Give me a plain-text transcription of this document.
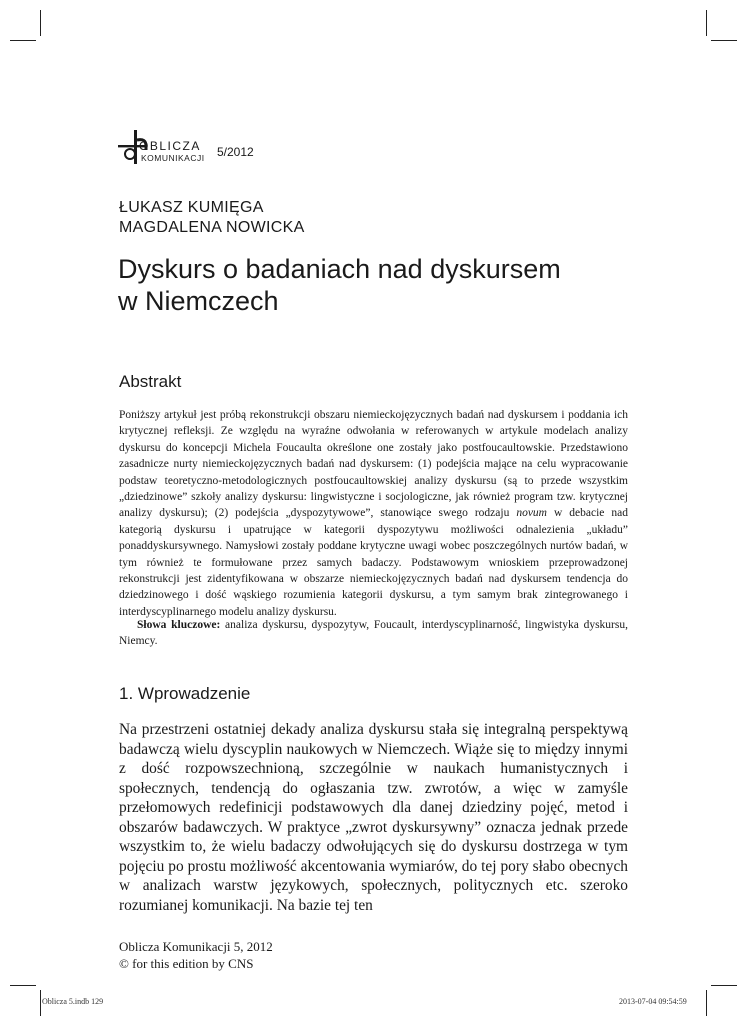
OBLICZA
KOMUNIKACJI 5/2012
ŁUKASZ KUMIĘGA
MAGDALENA NOWICKA
Dyskurs o badaniach nad dyskursem
w Niemczech
Abstrakt

Poniższy artykuł jest próbą rekonstrukcji obszaru niemieckojęzycznych badań nad dyskursem i poddania ich krytycznej refleksji. Ze względu na wyraźne odwołania w referowanych w artykule modelach analizy dyskursu do koncepcji Michela Foucaulta określone one zostały jako postfoucaultowskie. Przedstawiono zasadnicze nurty niemieckojęzycznych badań nad dyskursem: (1) podejścia mające na celu wypracowanie podstaw teoretyczno-metodologicznych postfoucaultowskiej analizy dyskursu (są to przede wszystkim „dziedzinowe” szkoły analizy dyskursu: lingwistyczne i socjologiczne, jak również program tzw. krytycznej analizy dyskursu); (2) podejścia „dyspozytywowe”, stanowiące swego rodzaju novum w debacie nad kategorią dyskursu i upatrujące w kategorii dyspozytywu możliwości odnalezienia „układu” ponaddyskursywnego. Namysłowi zostały poddane krytyczne uwagi wobec poszczególnych nurtów badań, w tym również te formułowane przez samych badaczy. Podstawowym wnioskiem przeprowadzonej rekonstrukcji jest zidentyfikowana w obszarze niemieckojęzycznych badań nad dyskursem tendencja do dziedzinowego i dość wąskiego rozumienia kategorii dyskursu, a tym samym brak zintegrowanego i interdyscyplinarnego modelu analizy dyskursu.

Słowa kluczowe: analiza dyskursu, dyspozytyw, Foucault, interdyscyplinarność, lingwistyka dyskursu, Niemcy.

1. Wprowadzenie

Na przestrzeni ostatniej dekady analiza dyskursu stała się integralną perspektywą badawczą wielu dyscyplin naukowych w Niemczech. Wiąże się to między innymi z dość rozpowszechnioną, szczególnie w naukach humanistycznych i społecznych, tendencją do ogłaszania tzw. zwrotów, a więc w zamyśle przełomowych redefinicji podstawowych dla danej dziedziny pojęć, metod i obszarów badawczych. W praktyce „zwrot dyskursywny” oznacza jednak przede wszystkim to, że wielu badaczy odwołujących się do dyskursu dostrzega w tym pojęciu po prostu możliwość akcentowania wymiarów, do tej pory słabo obecnych w analizach warstw językowych, społecznych, politycznych etc. szeroko rozumianej komunikacji. Na bazie tej ten

Oblicza Komunikacji 5, 2012
© for this edition by CNS
Oblicza 5.indb 129	2013-07-04 09:54:59
